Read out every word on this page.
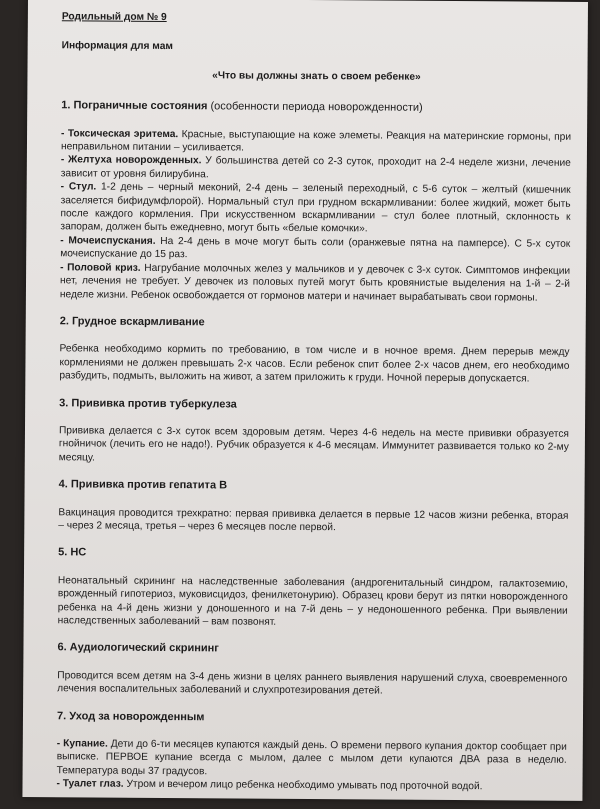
Родильный дом № 9
Информация для мам
«Что вы должны знать о своем ребенке»
1. Пограничные состояния (особенности периода новорожденности)

- Токсическая эритема. Красные, выступающие на коже элеметы. Реакция на материнские гормоны, при неправильном питании – усиливается.

- Желтуха новорожденных. У большинства детей со 2-3 суток, проходит на 2-4 неделе жизни, лечение зависит от уровня билирубина.

- Стул. 1-2 день – черный меконий, 2-4 день – зеленый переходный, с 5-6 суток – желтый (кишечник заселяется бифидумфлорой). Нормальный стул при грудном вскармливании: более жидкий, может быть после каждого кормления. При искусственном вскармливании – стул более плотный, склонность к запорам, должен быть ежедневно, могут быть «белые комочки».

- Мочеиспускания. На 2-4 день в моче могут быть соли (оранжевые пятна на памперсе). С 5-х суток мочеиспускание до 15 раз.

- Половой криз. Нагрубание молочных желез у мальчиков и у девочек с 3-х суток. Симптомов инфекции нет, лечения не требует. У девочек из половых путей могут быть кровянистые выделения на 1-й – 2-й неделе жизни. Ребенок освобождается от гормонов матери и начинает вырабатывать свои гормоны.

2. Грудное вскармливание

Ребенка необходимо кормить по требованию, в том числе и в ночное время. Днем перерыв между кормлениями не должен превышать 2-х часов. Если ребенок спит более 2-х часов днем, его необходимо разбудить, подмыть, выложить на живот, а затем приложить к груди. Ночной перерыв допускается.

3. Прививка против туберкулеза

Прививка делается с 3-х суток всем здоровым детям. Через 4-6 недель на месте прививки образуется гнойничок (лечить его не надо!). Рубчик образуется к 4-6 месяцам. Иммунитет развивается только ко 2-му месяцу.

4. Прививка против гепатита В

Вакцинация проводится трехкратно: первая прививка делается в первые 12 часов жизни ребенка, вторая – через 2 месяца, третья – через 6 месяцев после первой.

5. НС

Неонатальный скрининг на наследственные заболевания (андрогенитальный синдром, галактоземию, врожденный гипотериоз, муковисцидоз, фенилкетонурию). Образец крови берут из пятки новорожденного ребенка на 4-й день жизни у доношенного и на 7-й день – у недоношенного ребенка. При выявлении наследственных заболеваний – вам позвонят.

6. Аудиологический скрининг

Проводится всем детям на 3-4 день жизни в целях раннего выявления нарушений слуха, своевременного лечения воспалительных заболеваний и слухпротезирования детей.

7. Уход за новорожденным

- Купание. Дети до 6-ти месяцев купаются каждый день. О времени первого купания доктор сообщает при выписке. ПЕРВОЕ купание всегда с мылом, далее с мылом дети купаются ДВА раза в неделю. Температура воды 37 градусов.

- Туалет глаз. Утром и вечером лицо ребенка необходимо умывать под проточной водой.
